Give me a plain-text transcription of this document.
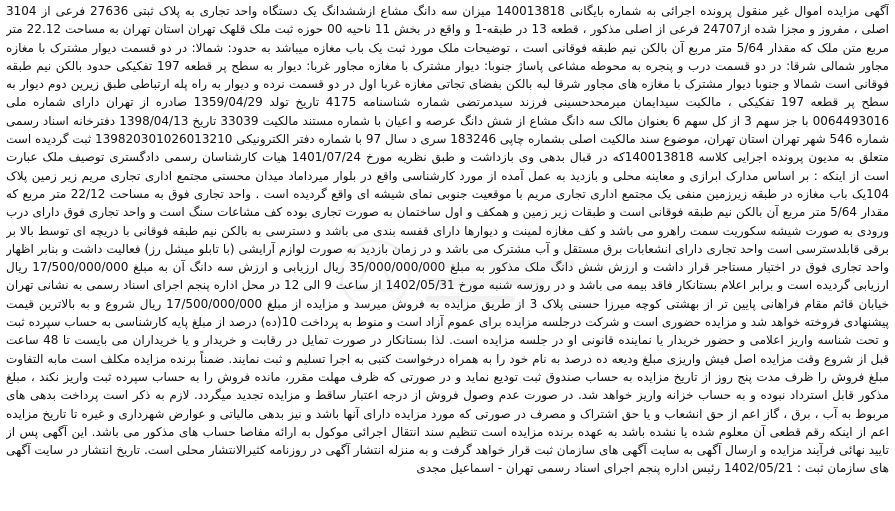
آگهی مزایده اموال غیر منقول پرونده اجرائی به شماره بایگانی 140013818 میزان سه دانگ مشاع ازششدانگ یک دستگاه واحد تجاری به پلاک ثبتی 27636 فرعی از 3104 اصلی ، مفروز و مجزا شده از24707 فرعی از اصلی مذکور ، قطعه 13 در طبقه-1 و واقع در بخش 11 ناحیه 00 حوزه ثبت ملک قلهک تهران استان تهران به مساحت 22.12 متر مربع متن ملک که مقدار 5/64 متر مربع آن بالکن نیم طبقه فوقانی است ، توضیحات ملک مورد ثبت یک باب مغازه میباشد به حدود: شمالا: در دو قسمت دیوار مشترک با مغازه مجاور شمالی شرقا: در دو قسمت درب و پنجره به محوطه مشاعی پاساژ جنوبا: دیوار مشترک با مغازه مجاور غربا: دیوار به سطح پر قطعه 197 تفکیکی حدود بالکن نیم طبقه فوقانی است شمالا و جنوبا دیوار مشترک با مغازه های مجاور شرقا لبه بالکن بفضای تجاتی مغازه غربا اول در دو قسمت نرده و دیوار به راه پله ارتباطی طبق زیرین دوم دیوار به سطح پر قطعه 197 تفکیکی ، مالکیت سیدایمان میرمحدحسینی فرزند سیدمرتضی شماره شناسنامه 4175 تاریخ تولد 1359/04/29 صادره از تهران دارای شماره ملی 0064493016 با جز سهم 3 از کل سهم 6 بعنوان مالک سه دانگ مشاع از شش دانگ عرصه و اعیان با شماره مستند مالکیت 33039 تاریخ 1398/04/13 دفترخانه اسناد رسمی شماره 546 شهر تهران استان تهران، موضوع سند مالکیت اصلی بشماره چاپی 183246 سری د سال 97 با شماره دفتر الکترونیکی 139820301026013210 ثبت گردیده است متعلق به مدیون پرونده اجرایی کلاسه 140013818که در قبال بدهی وی بازداشت و طبق نظریه مورخ 1401/07/24 هیات کارشناسان رسمی دادگستری توصیف ملک عبارت است از اینکه : بر اساس مدارک ابرازی و معاینه محلی و بازدید به عمل آمده از مورد کارشناسی واقع در بلوار میرداماد میدان محسنی مجتمع اداری تجاری مریم زیر زمین پلاک 104یک باب مغازه در طبقه زیرزمین منفی یک مجتمع اداری تجاری مریم با موقعیت جنوبی نمای شیشه ای واقع گردیده است . واحد تجاری فوق به مساحت 22/12 متر مربع که مقدار 5/64 متر مربع آن بالکن نیم طبقه فوقانی است و طبقات زیر زمین و همکف و اول ساختمان به صورت تجاری بوده کف مشاعات سنگ است و واحد تجاری فوق دارای درب ورودی به صورت شیشه سکوریت سمت راهرو می باشد و کف مغازه لمینت و دیوارها دارای قفسه بندی می باشد و دسترسی به بالکن نیم طبقه فوقانی با دریچه ای توسط بالا بر برقی قابلدسترسی است واحد تجاری دارای انشعابات برق مستقل و آب مشترک می باشد و در زمان بازدید به صورت لوازم آرایشی (با تابلو میشل رز) فعالیت داشت و بنابر اظهار واحد تجاری فوق در اختیار مستاجر قرار داشت و ارزش شش دانگ ملک مذکور به مبلغ 35/000/000/000 ریال ارزیابی و ارزش سه دانگ آن به مبلغ 17/500/000/000 ریال ارزیابی گردیده است و برابر اعلام بستانکار فاقد بیمه می باشد و در روزسه شنبه مورخ 1402/05/31 از ساعت 9 الی 12 در محل اداره پنجم اجرای اسناد رسمی به نشانی تهران خیابان قائم مقام فراهانی پایین تر از بهشتی کوچه میرزا حسنی پلاک 3 از طریق مزایده به فروش میرسد و مزایده از مبلغ 17/500/000/000 ریال شروع و به بالاترین قیمت پیشنهادی فروخته خواهد شد و مزایده حضوری است و شرکت درجلسه مزایده برای عموم آزاد است و منوط به پرداخت 10(ده) درصد از مبلغ پایه کارشناسی به حساب سپرده ثبت و تحت شناسه واریز اعلامی و حضور خریدار یا نماینده قانونی او در جلسه مزایده است. لذا بستانکار در صورت تمایل در رقابت و خریدار و یا خریداران می بایست تا 48 ساعت قبل از شروع وقت مزایده اصل فیش واریزی مبلغ ودیعه ده درصد به نام خود را به همراه درخواست کتبی به اجرا تسلیم و ثبت نمایند. ضمناً برنده مزایده مکلف است مابه التفاوت مبلغ فروش را ظرف مدت پنج روز از تاریخ مزایده به حساب صندوق ثبت تودیع نماید و در صورتی که ظرف مهلت مقرر، مانده فروش را به حساب سپرده ثبت واریز نکند ، مبلغ مذکور قابل استرداد نبوده و به حساب خزانه واریز خواهد شد. در صورت عدم وصول فروش از درجه اعتبار ساقط و مزایده تجدید میگردد. لازم به ذکر است پرداخت بدهی های مربوط به آب ، برق ، گاز اعم از حق انشعاب و یا حق اشتراک و مصرف در صورتی که مورد مزایده دارای آنها باشد و نیز بدهی مالیاتی و عوارض شهرداری و غیره تا تاریخ مزایده اعم از اینکه رقم قطعی آن معلوم شده یا نشده باشد به عهده برنده مزایده است تنظیم سند انتقال اجرائی موکول به ارائه مفاصا حساب های مذکور می باشد. این آگهی پس از تایید نهائی فرآیند مزایده و ارسال آگهی به سایت آگهی های سازمان ثبت قرار خواهد گرفت و به منزله انتشار آگهی در روزنامه کثیرالانتشار محلی است. تاریخ انتشار در سایت آگهی های سازمان ثبت : 1402/05/21 رئیس اداره پنجم اجرای اسناد رسمی تهران - اسماعیل مجدی
